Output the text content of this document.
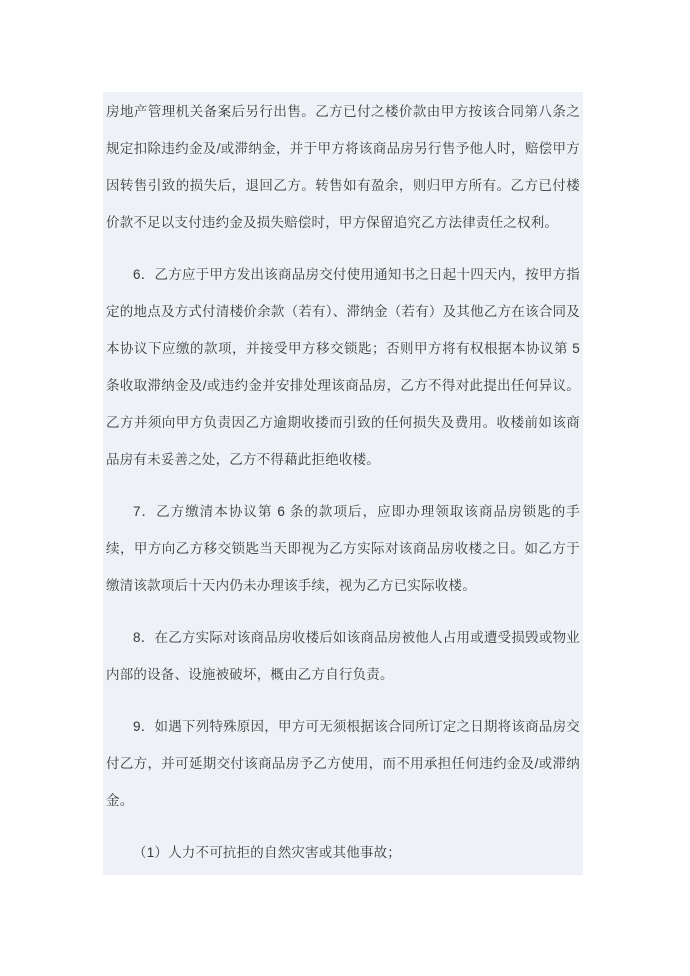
房地产管理机关备案后另行出售。乙方已付之楼价款由甲方按该合同第八条之规定扣除违约金及/或滞纳金，并于甲方将该商品房另行售予他人时，赔偿甲方因转售引致的损失后，退回乙方。转售如有盈余，则归甲方所有。乙方已付楼价款不足以支付违约金及损失赔偿时，甲方保留追究乙方法律责任之权利。

6．乙方应于甲方发出该商品房交付使用通知书之日起十四天内，按甲方指定的地点及方式付清楼价余款（若有）、滞纳金（若有）及其他乙方在该合同及本协议下应缴的款项，并接受甲方移交锁匙；否则甲方将有权根据本协议第 5 条收取滞纳金及/或违约金并安排处理该商品房，乙方不得对此提出任何异议。乙方并须向甲方负责因乙方逾期收搂而引致的任何损失及费用。收楼前如该商品房有未妥善之处，乙方不得藉此拒绝收楼。

7．乙方缴清本协议第 6 条的款项后，应即办理领取该商品房锁匙的手续，甲方向乙方移交锁匙当天即视为乙方实际对该商品房收楼之日。如乙方于缴清该款项后十天内仍未办理该手续，视为乙方已实际收楼。

8．在乙方实际对该商品房收楼后如该商品房被他人占用或遭受损毁或物业内部的设备、设施被破坏，概由乙方自行负责。

9．如遇下列特殊原因，甲方可无须根据该合同所订定之日期将该商品房交付乙方，并可延期交付该商品房予乙方使用，而不用承担任何违约金及/或滞纳金。

（1）人力不可抗拒的自然灾害或其他事故；
